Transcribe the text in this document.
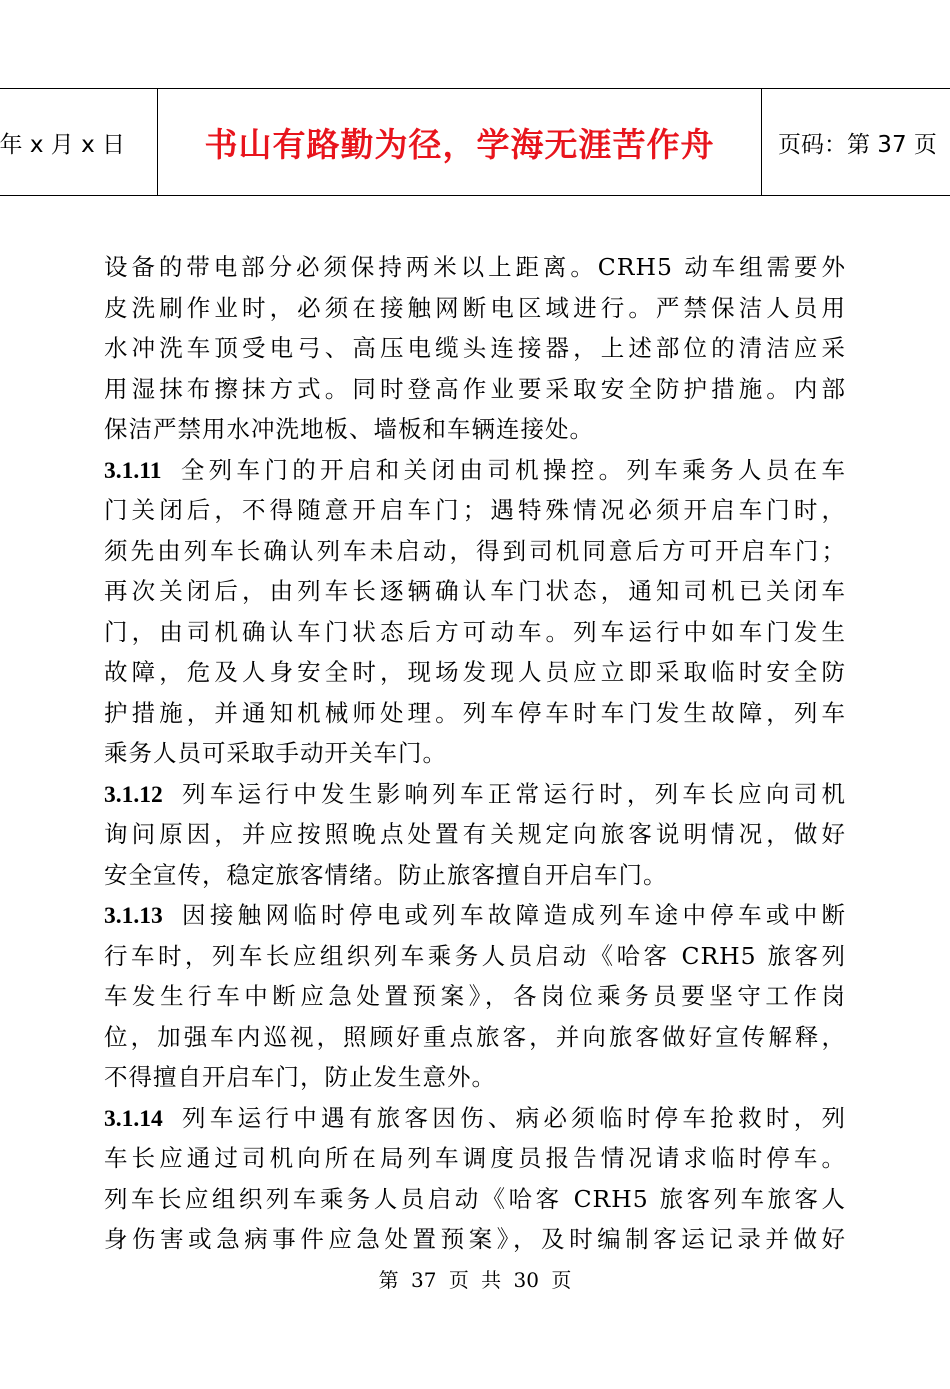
年 x 月 x 日	书山有路勤为径，学海无涯苦作舟	页码：第 37 页
设备的带电部分必须保持两米以上距离。CRH5 动车组需要外
皮洗刷作业时，必须在接触网断电区域进行。严禁保洁人员用
水冲洗车顶受电弓、高压电缆头连接器，上述部位的清洁应采
用湿抹布擦抹方式。同时登高作业要采取安全防护措施。内部
保洁严禁用水冲洗地板、墙板和车辆连接处。
3.1.11 全列车门的开启和关闭由司机操控。列车乘务人员在车
门关闭后，不得随意开启车门；遇特殊情况必须开启车门时，
须先由列车长确认列车未启动，得到司机同意后方可开启车门；
再次关闭后，由列车长逐辆确认车门状态，通知司机已关闭车
门，由司机确认车门状态后方可动车。列车运行中如车门发生
故障，危及人身安全时，现场发现人员应立即采取临时安全防
护措施，并通知机械师处理。列车停车时车门发生故障，列车
乘务人员可采取手动开关车门。
3.1.12 列车运行中发生影响列车正常运行时，列车长应向司机
询问原因，并应按照晚点处置有关规定向旅客说明情况，做好
安全宣传，稳定旅客情绪。防止旅客擅自开启车门。
3.1.13 因接触网临时停电或列车故障造成列车途中停车或中断
行车时，列车长应组织列车乘务人员启动《哈客 CRH5 旅客列
车发生行车中断应急处置预案》，各岗位乘务员要坚守工作岗
位，加强车内巡视，照顾好重点旅客，并向旅客做好宣传解释，
不得擅自开启车门，防止发生意外。
3.1.14 列车运行中遇有旅客因伤、病必须临时停车抢救时，列
车长应通过司机向所在局列车调度员报告情况请求临时停车。
列车长应组织列车乘务人员启动《哈客 CRH5 旅客列车旅客人
身伤害或急病事件应急处置预案》，及时编制客运记录并做好
第 37 页 共 30 页
